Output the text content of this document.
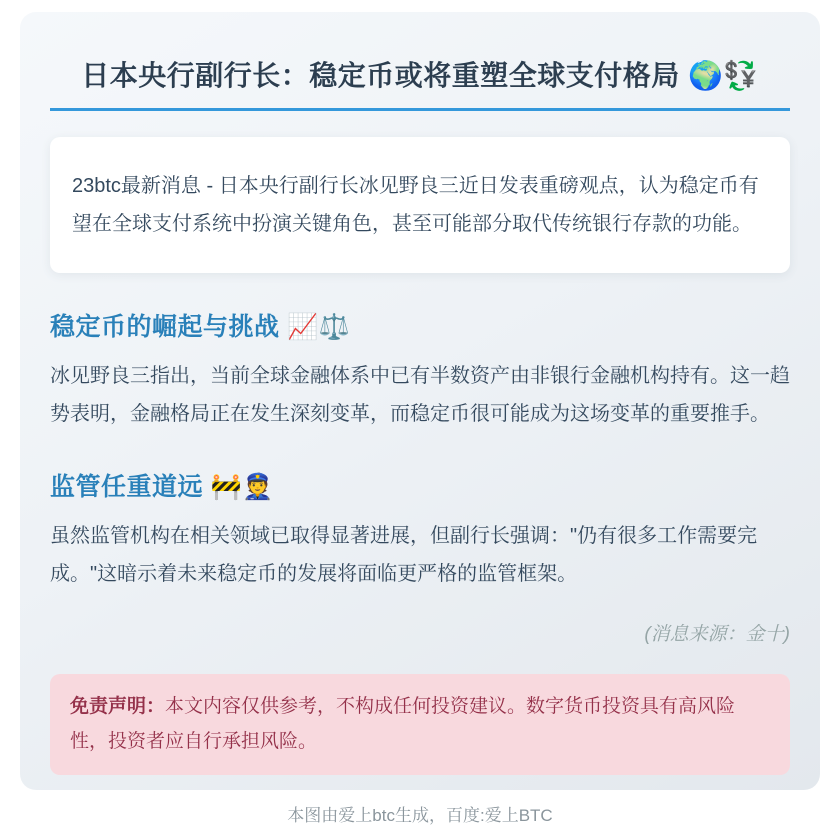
日本央行副行长：稳定币或将重塑全球支付格局 🌍💱

23btc最新消息 - 日本央行副行长冰见野良三近日发表重磅观点，认为稳定币有望在全球支付系统中扮演关键角色，甚至可能部分取代传统银行存款的功能。

稳定币的崛起与挑战 📈⚖️

冰见野良三指出，当前全球金融体系中已有半数资产由非银行金融机构持有。这一趋势表明，金融格局正在发生深刻变革，而稳定币很可能成为这场变革的重要推手。

监管任重道远 🚧👮

虽然监管机构在相关领域已取得显著进展，但副行长强调："仍有很多工作需要完成。"这暗示着未来稳定币的发展将面临更严格的监管框架。

(消息来源：金十)

免责声明：本文内容仅供参考，不构成任何投资建议。数字货币投资具有高风险性，投资者应自行承担风险。
本图由爱上btc生成，百度:爱上BTC
